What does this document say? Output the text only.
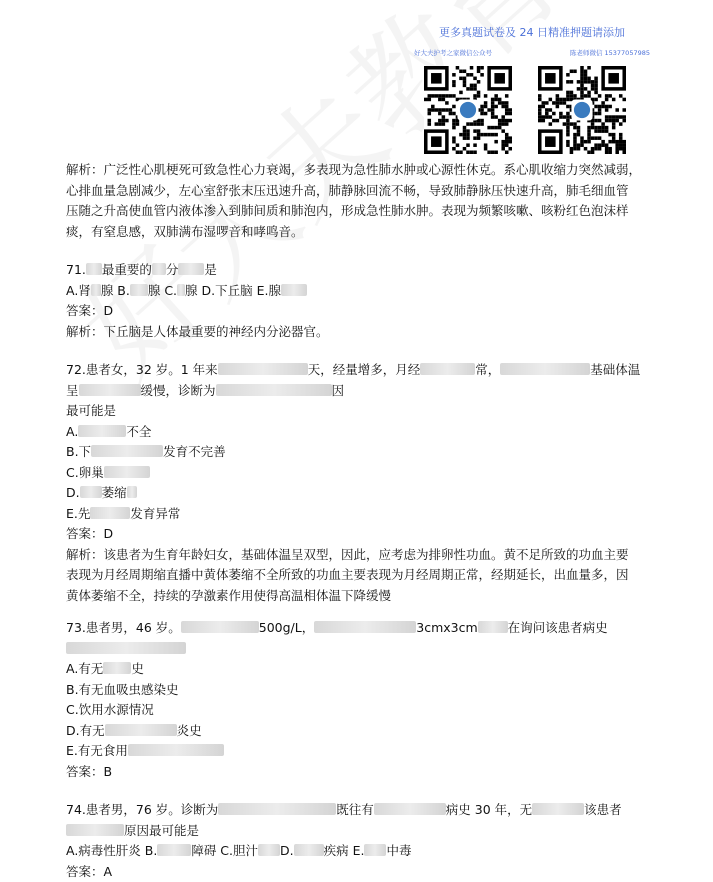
更多真题试卷及 24 日精准押题请添加
好大夫护考之家微信公众号	陈老师微信 15377057985

解析：广泛性心肌梗死可致急性心力衰竭，多表现为急性肺水肿或心源性休克。系心肌收缩力突然减弱，

心排血量急剧减少，左心室舒张末压迅速升高，肺静脉回流不畅，导致肺静脉压快速升高，肺毛细血管

压随之升高使血管内液体渗入到肺间质和肺泡内，形成急性肺水肿。表现为频繁咳嗽、咳粉红色泡沫样

痰，有窒息感，双肺满布湿啰音和哮鸣音。

71. 最重要的 分 是

A.肾 腺 B. 腺 C. 腺 D.下丘脑 E.腺

答案：D

解析：下丘脑是人体最重要的神经内分泌器官。

72.患者女，32 岁。1 年来	天，经量增多，月经	常，	基础体温

呈	缓慢，诊断为	因

最可能是

A.	不全

B.下	发育不完善

C.卵巢

D. 萎缩

E.先	发育异常

答案：D

解析：该患者为生育年龄妇女，基础体温呈双型，因此，应考虑为排卵性功血。黄不足所致的功血主要

表现为月经周期缩直播中黄体萎缩不全所致的功血主要表现为月经周期正常，经期延长，出血量多，因

黄体萎缩不全，持续的孕激素作用使得高温相体温下降缓慢

73.患者男，46 岁。	500g/L，	3cmx3cm 在询问该患者病史

A.有无 史

B.有无血吸虫感染史

C.饮用水源情况

D.有无	炎史

E.有无食用

答案：B

74.患者男，76 岁。诊断为	既往有	病史 30 年，无	该患者

原因最可能是

A.病毒性肝炎 B.	障碍 C.胆汁 D. 疾病 E. 中毒

答案：A
